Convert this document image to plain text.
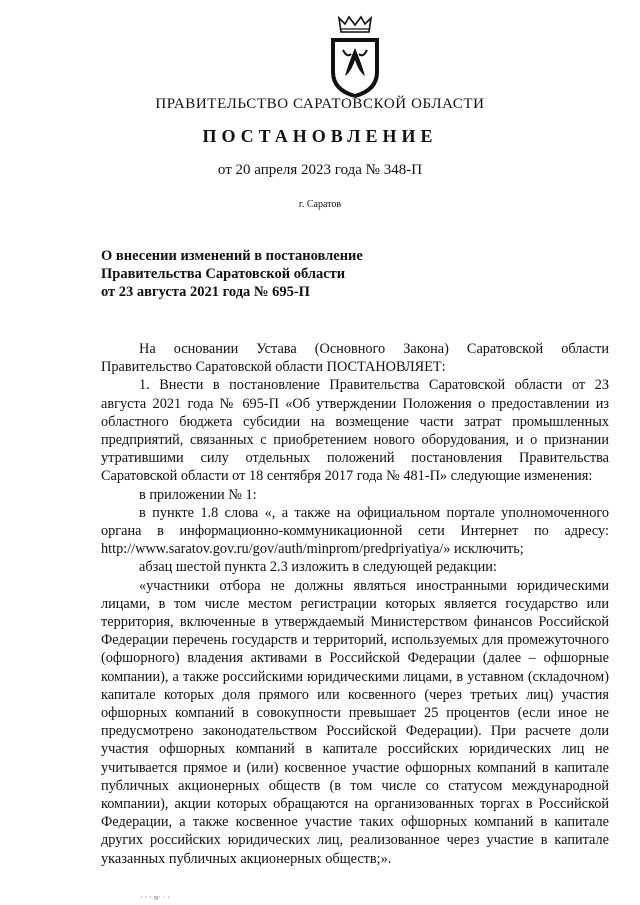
ПРАВИТЕЛЬСТВО САРАТОВСКОЙ ОБЛАСТИ
ПОСТАНОВЛЕНИЕ
от 20 апреля 2023 года № 348-П
г. Саратов
О внесении изменений в постановление
Правительства Саратовской области
от 23 августа 2021 года № 695-П

На основании Устава (Основного Закона) Саратовской области Правительство Саратовской области ПОСТАНОВЛЯЕТ:

1. Внести в постановление Правительства Саратовской области от 23 августа 2021 года № 695-П «Об утверждении Положения о предоставлении из областного бюджета субсидии на возмещение части затрат промышленных предприятий, связанных с приобретением нового оборудования, и о признании утратившими силу отдельных положений постановления Правительства Саратовской области от 18 сентября 2017 года № 481-П» следующие изменения:

в приложении № 1:

в пункте 1.8 слова «, а также на официальном портале уполномоченного органа в информационно-коммуникационной сети Интернет по адресу: http://www.saratov.gov.ru/gov/auth/minprom/predpriyatiya/» исключить;

абзац шестой пункта 2.3 изложить в следующей редакции:

«участники отбора не должны являться иностранными юридическими лицами, в том числе местом регистрации которых является государство или территория, включенные в утверждаемый Министерством финансов Российской Федерации перечень государств и территорий, используемых для промежуточного (офшорного) владения активами в Российской Федерации (далее – офшорные компании), а также российскими юридическими лицами, в уставном (складочном) капитале которых доля прямого или косвенного (через третьих лиц) участия офшорных компаний в совокупности превышает 25 процентов (если иное не предусмотрено законодательством Российской Федерации). При расчете доли участия офшорных компаний в капитале российских юридических лиц не учитывается прямое и (или) косвенное участие офшорных компаний в капитале публичных акционерных обществ (в том числе со статусом международной компании), акции которых обращаются на организованных торгах в Российской Федерации, а также косвенное участие таких офшорных компаний в капитале других российских юридических лиц, реализованное через участие в капитале указанных публичных акционерных обществ;».

· · · ч· · ·
